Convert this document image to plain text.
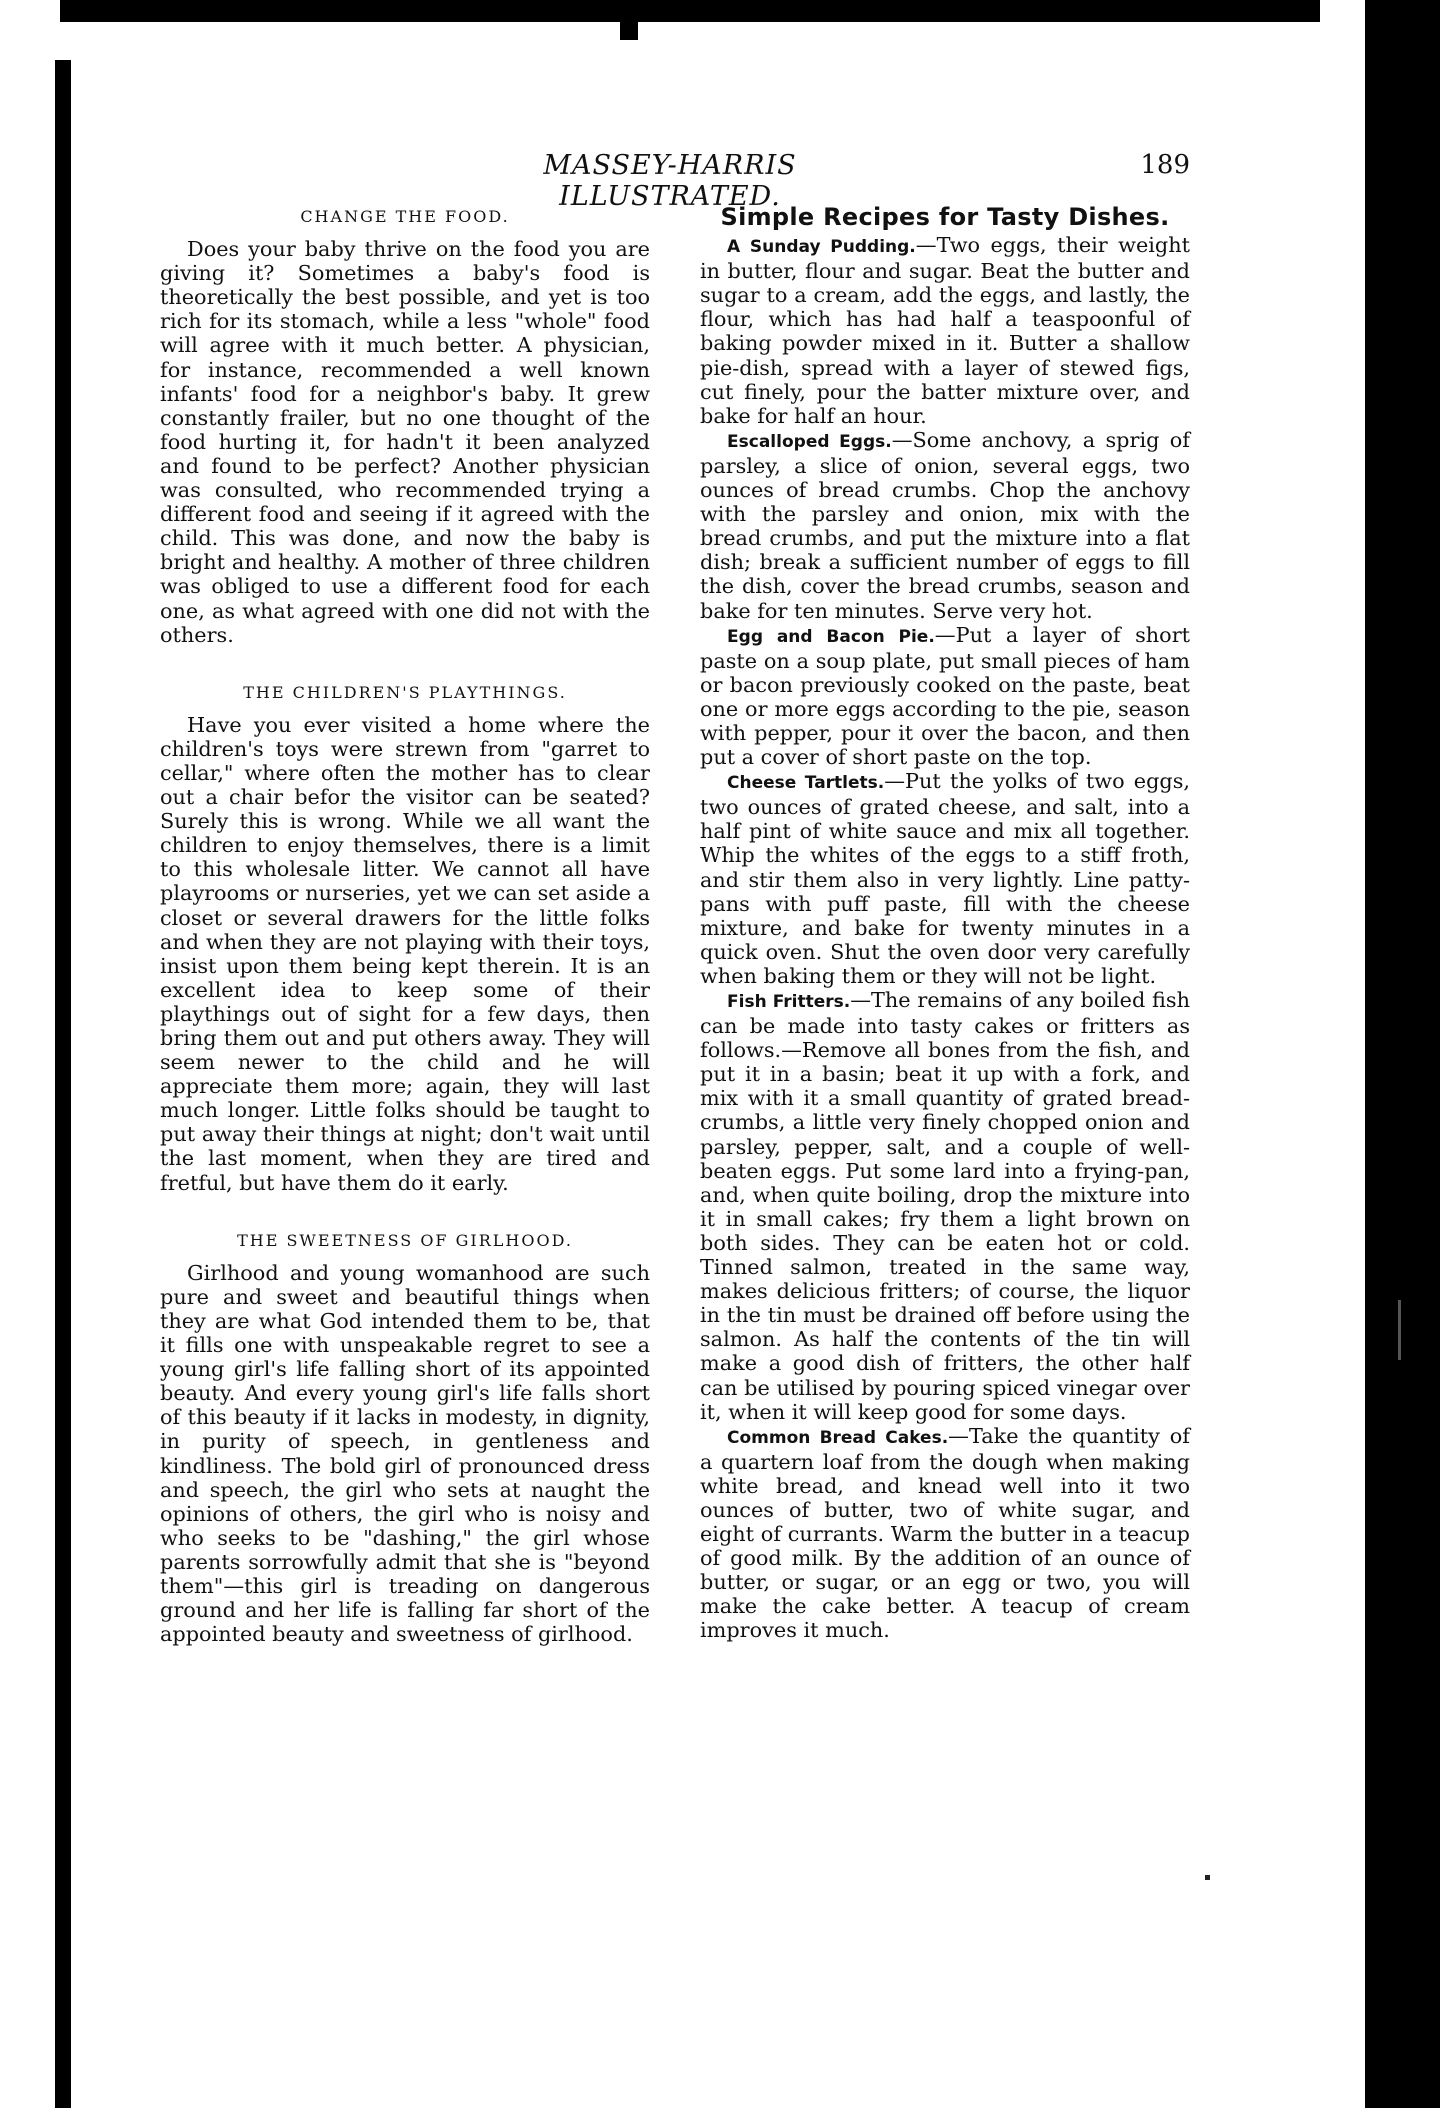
MASSEY-HARRIS ILLUSTRATED.
189
CHANGE THE FOOD.

Does your baby thrive on the food you are giving it? Sometimes a baby's food is theoretically the best possible, and yet is too rich for its stomach, while a less "whole" food will agree with it much better. A physician, for instance, recommended a well known infants' food for a neighbor's baby. It grew constantly frailer, but no one thought of the food hurting it, for hadn't it been analyzed and found to be perfect? Another physician was consulted, who recommended trying a different food and seeing if it agreed with the child. This was done, and now the baby is bright and healthy. A mother of three children was obliged to use a different food for each one, as what agreed with one did not with the others.

THE CHILDREN'S PLAYTHINGS.

Have you ever visited a home where the children's toys were strewn from "garret to cellar," where often the mother has to clear out a chair befor the visitor can be seated? Surely this is wrong. While we all want the children to enjoy themselves, there is a limit to this wholesale litter. We cannot all have playrooms or nurseries, yet we can set aside a closet or several drawers for the little folks and when they are not playing with their toys, insist upon them being kept therein. It is an excellent idea to keep some of their playthings out of sight for a few days, then bring them out and put others away. They will seem newer to the child and he will appreciate them more; again, they will last much longer. Little folks should be taught to put away their things at night; don't wait until the last moment, when they are tired and fretful, but have them do it early.

THE SWEETNESS OF GIRLHOOD.

Girlhood and young womanhood are such pure and sweet and beautiful things when they are what God intended them to be, that it fills one with unspeakable regret to see a young girl's life falling short of its appointed beauty. And every young girl's life falls short of this beauty if it lacks in modesty, in dignity, in purity of speech, in gentleness and kindliness. The bold girl of pronounced dress and speech, the girl who sets at naught the opinions of others, the girl who is noisy and who seeks to be "dashing," the girl whose parents sorrowfully admit that she is "beyond them"—this girl is treading on dangerous ground and her life is falling far short of the appointed beauty and sweetness of girlhood.

Simple Recipes for Tasty Dishes.

A Sunday Pudding.—Two eggs, their weight in butter, flour and sugar. Beat the butter and sugar to a cream, add the eggs, and lastly, the flour, which has had half a teaspoonful of baking powder mixed in it. Butter a shallow pie-dish, spread with a layer of stewed figs, cut finely, pour the batter mixture over, and bake for half an hour.

Escalloped Eggs.—Some anchovy, a sprig of parsley, a slice of onion, several eggs, two ounces of bread crumbs. Chop the anchovy with the parsley and onion, mix with the bread crumbs, and put the mixture into a flat dish; break a sufficient number of eggs to fill the dish, cover the bread crumbs, season and bake for ten minutes. Serve very hot.

Egg and Bacon Pie.—Put a layer of short paste on a soup plate, put small pieces of ham or bacon previously cooked on the paste, beat one or more eggs according to the pie, season with pepper, pour it over the bacon, and then put a cover of short paste on the top.

Cheese Tartlets.—Put the yolks of two eggs, two ounces of grated cheese, and salt, into a half pint of white sauce and mix all together. Whip the whites of the eggs to a stiff froth, and stir them also in very lightly. Line patty-pans with puff paste, fill with the cheese mixture, and bake for twenty minutes in a quick oven. Shut the oven door very carefully when baking them or they will not be light.

Fish Fritters.—The remains of any boiled fish can be made into tasty cakes or fritters as follows.—Remove all bones from the fish, and put it in a basin; beat it up with a fork, and mix with it a small quantity of grated bread-crumbs, a little very finely chopped onion and parsley, pepper, salt, and a couple of well-beaten eggs. Put some lard into a frying-pan, and, when quite boiling, drop the mixture into it in small cakes; fry them a light brown on both sides. They can be eaten hot or cold. Tinned salmon, treated in the same way, makes delicious fritters; of course, the liquor in the tin must be drained off before using the salmon. As half the contents of the tin will make a good dish of fritters, the other half can be utilised by pouring spiced vinegar over it, when it will keep good for some days.

Common Bread Cakes.—Take the quantity of a quartern loaf from the dough when making white bread, and knead well into it two ounces of butter, two of white sugar, and eight of currants. Warm the butter in a teacup of good milk. By the addition of an ounce of butter, or sugar, or an egg or two, you will make the cake better. A teacup of cream improves it much.
